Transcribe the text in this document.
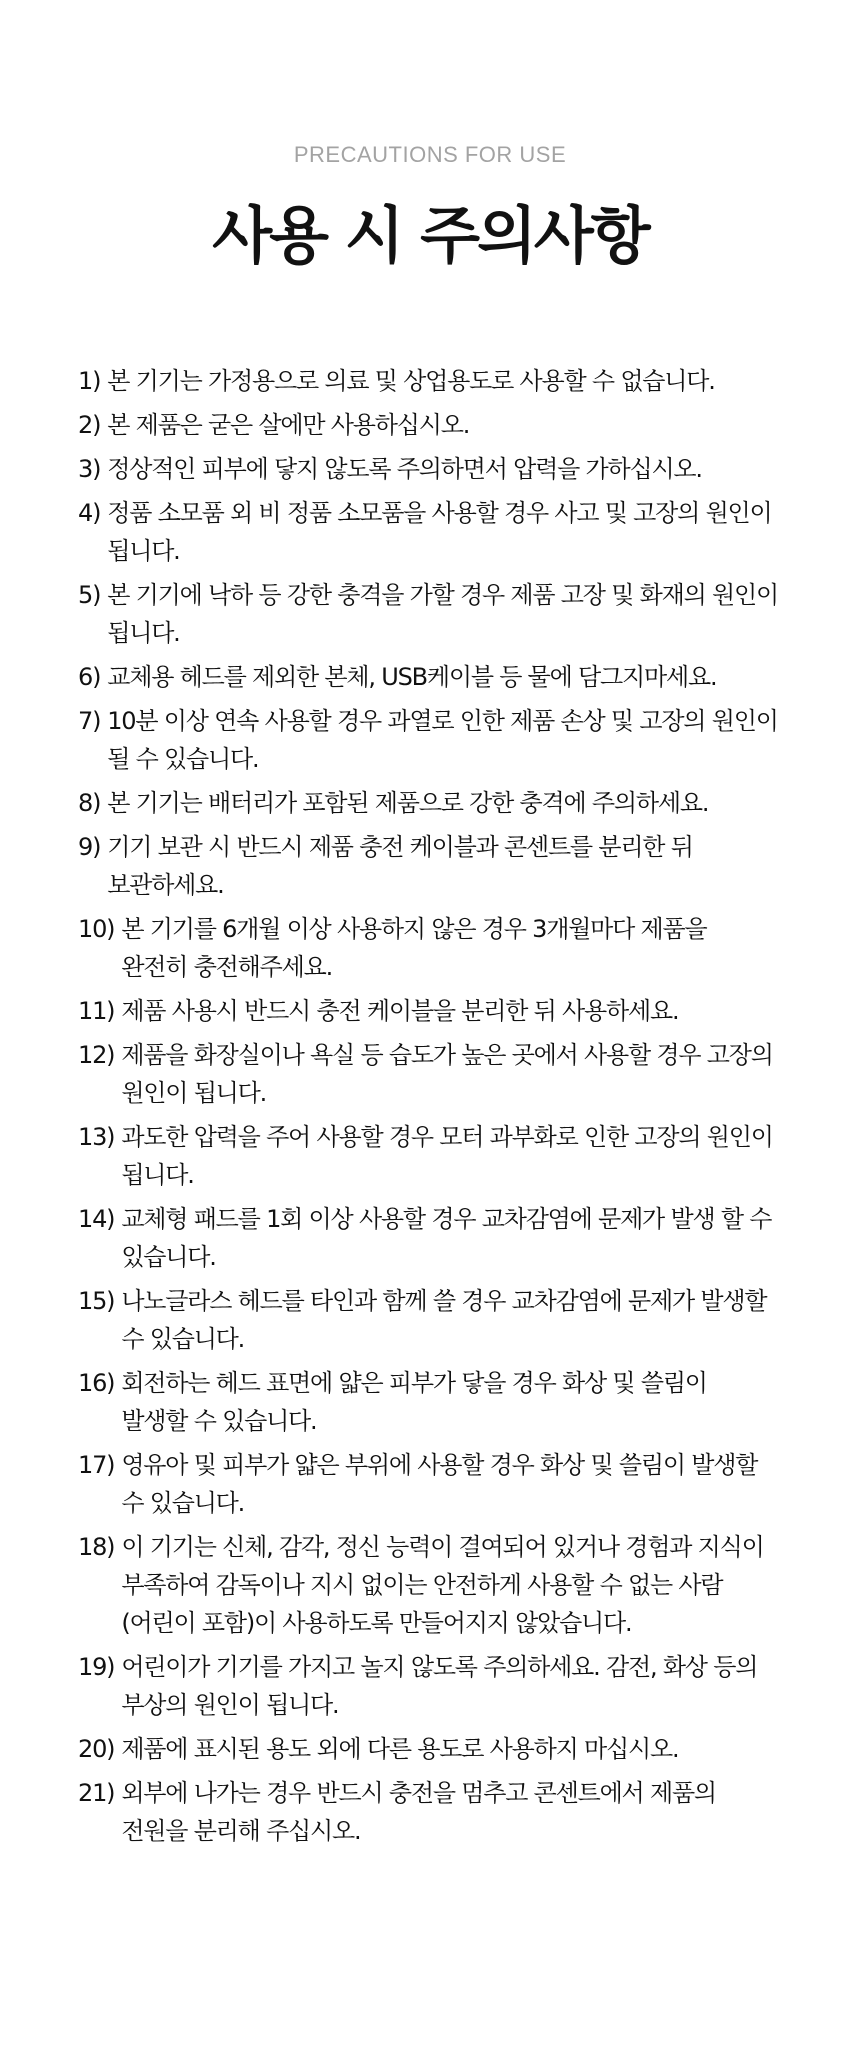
PRECAUTIONS FOR USE
사용 시 주의사항
1) 본 기기는 가정용으로 의료 및 상업용도로 사용할 수 없습니다.
2) 본 제품은 굳은 살에만 사용하십시오.
3) 정상적인 피부에 닿지 않도록 주의하면서 압력을 가하십시오.
4) 정품 소모품 외 비 정품 소모품을 사용할 경우 사고 및 고장의 원인이 됩니다.
5) 본 기기에 낙하 등 강한 충격을 가할 경우 제품 고장 및 화재의 원인이 됩니다.
6) 교체용 헤드를 제외한 본체, USB케이블 등 물에 담그지마세요.
7) 10분 이상 연속 사용할 경우 과열로 인한 제품 손상 및 고장의 원인이 될 수 있습니다.
8) 본 기기는 배터리가 포함된 제품으로 강한 충격에 주의하세요.
9) 기기 보관 시 반드시 제품 충전 케이블과 콘센트를 분리한 뒤 보관하세요.
10) 본 기기를 6개월 이상 사용하지 않은 경우 3개월마다 제품을 완전히 충전해주세요.
11) 제품 사용시 반드시 충전 케이블을 분리한 뒤 사용하세요.
12) 제품을 화장실이나 욕실 등 습도가 높은 곳에서 사용할 경우 고장의 원인이 됩니다.
13) 과도한 압력을 주어 사용할 경우 모터 과부화로 인한 고장의 원인이 됩니다.
14) 교체형 패드를 1회 이상 사용할 경우 교차감염에 문제가 발생 할 수 있습니다.
15) 나노글라스 헤드를 타인과 함께 쓸 경우 교차감염에 문제가 발생할 수 있습니다.
16) 회전하는 헤드 표면에 얇은 피부가 닿을 경우 화상 및 쓸림이 발생할 수 있습니다.
17) 영유아 및 피부가 얇은 부위에 사용할 경우 화상 및 쓸림이 발생할 수 있습니다.
18) 이 기기는 신체, 감각, 정신 능력이 결여되어 있거나 경험과 지식이 부족하여 감독이나 지시 없이는 안전하게 사용할 수 없는 사람(어린이 포함)이 사용하도록 만들어지지 않았습니다.
19) 어린이가 기기를 가지고 놀지 않도록 주의하세요. 감전, 화상 등의 부상의 원인이 됩니다.
20) 제품에 표시된 용도 외에 다른 용도로 사용하지 마십시오.
21) 외부에 나가는 경우 반드시 충전을 멈추고 콘센트에서 제품의 전원을 분리해 주십시오.
